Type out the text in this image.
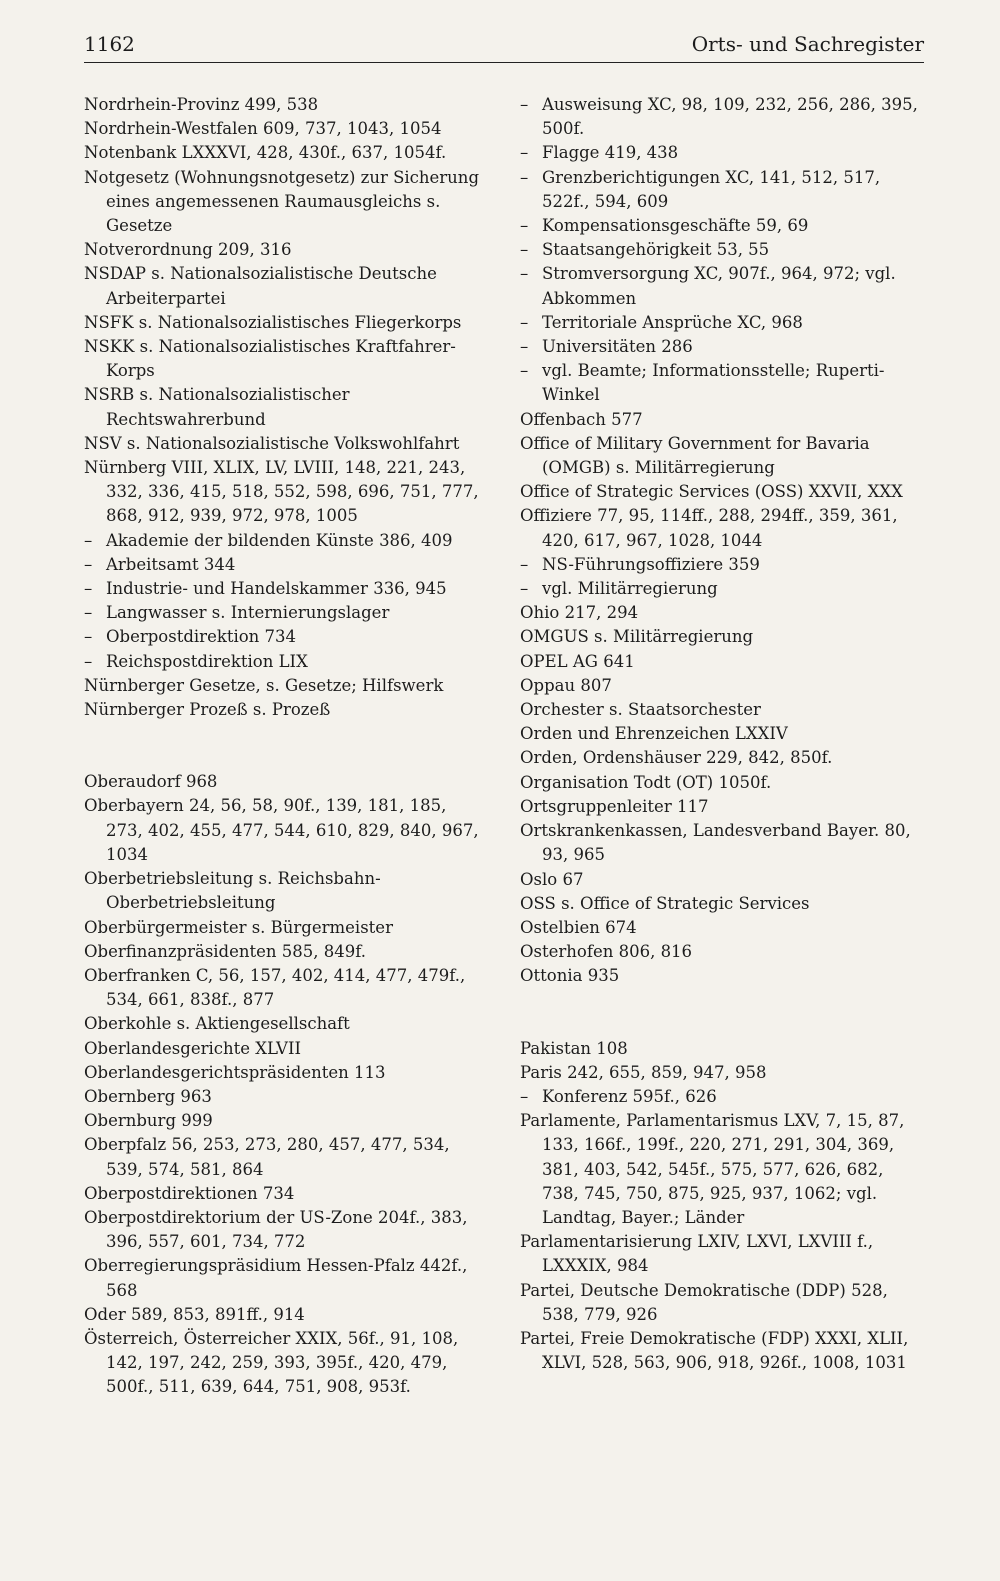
1162	Orts- und Sachregister

Nordrhein-Provinz 499, 538

Nordrhein-Westfalen 609, 737, 1043, 1054

Notenbank LXXXVI, 428, 430f., 637, 1054f.

Notgesetz (Wohnungsnotgesetz) zur Sicherung eines angemessenen Raumausgleichs s. Gesetze

Notverordnung 209, 316

NSDAP s. Nationalsozialistische Deutsche Arbeiterpartei

NSFK s. Nationalsozialistisches Fliegerkorps

NSKK s. Nationalsozialistisches Kraftfahrer-Korps

NSRB s. Nationalsozialistischer Rechtswahrerbund

NSV s. Nationalsozialistische Volkswohlfahrt

Nürnberg VIII, XLIX, LV, LVIII, 148, 221, 243, 332, 336, 415, 518, 552, 598, 696, 751, 777, 868, 912, 939, 972, 978, 1005

– Akademie der bildenden Künste 386, 409

– Arbeitsamt 344

– Industrie- und Handelskammer 336, 945

– Langwasser s. Internierungslager

– Oberpostdirektion 734

– Reichspostdirektion LIX

Nürnberger Gesetze, s. Gesetze; Hilfswerk

Nürnberger Prozeß s. Prozeß

Oberaudorf 968

Oberbayern 24, 56, 58, 90f., 139, 181, 185, 273, 402, 455, 477, 544, 610, 829, 840, 967, 1034

Oberbetriebsleitung s. Reichsbahn-Oberbetriebsleitung

Oberbürgermeister s. Bürgermeister

Oberfinanzpräsidenten 585, 849f.

Oberfranken C, 56, 157, 402, 414, 477, 479f., 534, 661, 838f., 877

Oberkohle s. Aktiengesellschaft

Oberlandesgerichte XLVII

Oberlandesgerichtspräsidenten 113

Obernberg 963

Obernburg 999

Oberpfalz 56, 253, 273, 280, 457, 477, 534, 539, 574, 581, 864

Oberpostdirektionen 734

Oberpostdirektorium der US-Zone 204f., 383, 396, 557, 601, 734, 772

Oberregierungspräsidium Hessen-Pfalz 442f., 568

Oder 589, 853, 891ff., 914

Österreich, Österreicher XXIX, 56f., 91, 108, 142, 197, 242, 259, 393, 395f., 420, 479, 500f., 511, 639, 644, 751, 908, 953f.

– Ausweisung XC, 98, 109, 232, 256, 286, 395, 500f.

– Flagge 419, 438

– Grenzberichtigungen XC, 141, 512, 517, 522f., 594, 609

– Kompensationsgeschäfte 59, 69

– Staatsangehörigkeit 53, 55

– Stromversorgung XC, 907f., 964, 972; vgl. Abkommen

– Territoriale Ansprüche XC, 968

– Universitäten 286

– vgl. Beamte; Informationsstelle; Ruperti-Winkel

Offenbach 577

Office of Military Government for Bavaria (OMGB) s. Militärregierung

Office of Strategic Services (OSS) XXVII, XXX

Offiziere 77, 95, 114ff., 288, 294ff., 359, 361, 420, 617, 967, 1028, 1044

– NS-Führungsoffiziere 359

– vgl. Militärregierung

Ohio 217, 294

OMGUS s. Militärregierung

OPEL AG 641

Oppau 807

Orchester s. Staatsorchester

Orden und Ehrenzeichen LXXIV

Orden, Ordenshäuser 229, 842, 850f.

Organisation Todt (OT) 1050f.

Ortsgruppenleiter 117

Ortskrankenkassen, Landesverband Bayer. 80, 93, 965

Oslo 67

OSS s. Office of Strategic Services

Ostelbien 674

Osterhofen 806, 816

Ottonia 935

Pakistan 108

Paris 242, 655, 859, 947, 958

– Konferenz 595f., 626

Parlamente, Parlamentarismus LXV, 7, 15, 87, 133, 166f., 199f., 220, 271, 291, 304, 369, 381, 403, 542, 545f., 575, 577, 626, 682, 738, 745, 750, 875, 925, 937, 1062; vgl. Landtag, Bayer.; Länder

Parlamentarisierung LXIV, LXVI, LXVIII f., LXXXIX, 984

Partei, Deutsche Demokratische (DDP) 528, 538, 779, 926

Partei, Freie Demokratische (FDP) XXXI, XLII, XLVI, 528, 563, 906, 918, 926f., 1008, 1031
